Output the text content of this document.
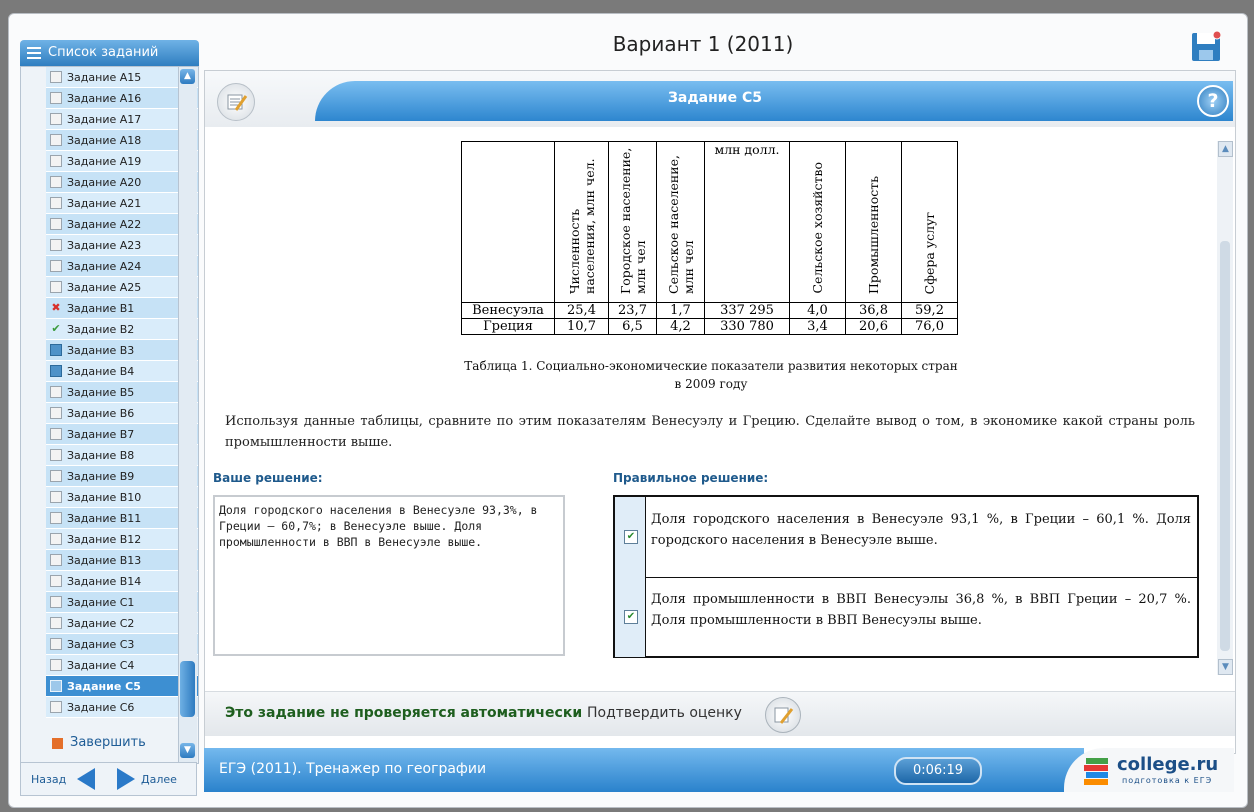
Вариант 1 (2011)
Список заданий
Задание A15
Задание A16
Задание A17
Задание A18
Задание A19
Задание A20
Задание A21
Задание A22
Задание A23
Задание A24
Задание A25
✖ Задание B1
✔ Задание B2
Задание B3
Задание B4
Задание B5
Задание B6
Задание B7
Задание B8
Задание B9
Задание B10
Задание B11
Задание B12
Задание B13
Задание B14
Задание C1
Задание C2
Задание C3
Задание C4
Задание C5
Задание C6
▲
▼
Завершить
Назад	Далее
Задание С5	?
▲
▼
	Численность населения, млн чел.	Городское население, млн чел	Сельское население, млн чел	млн долл.	Сельское хозяйство	Промышленность	Сфера услуг
Венесуэла	25,4	23,7	1,7	337 295	4,0	36,8	59,2
Греция	10,7	6,5	4,2	330 780	3,4	20,6	76,0
Таблица 1. Социально-экономические показатели развития некоторых стран в 2009 году
Используя данные таблицы, сравните по этим показателям Венесуэлу и Грецию. Сделайте вывод о том, в экономике какой страны роль промышленности выше.
Ваше решение:
Доля городского населения в Венесуэле 93,3%, в Греции – 60,7%; в Венесуэле выше. Доля промышленности в ВВП в Венесуэле выше.
Правильное решение:
✔
Доля городского населения в Венесуэле 93,1 %, в Греции – 60,1 %. Доля городского населения в Венесуэле выше.
✔
Доля промышленности в ВВП Венесуэлы 36,8 %, в ВВП Греции – 20,7 %. Доля промышленности в ВВП Венесуэлы выше.
Это задание не проверяется автоматически Подтвердить оценку
ЕГЭ (2011). Тренажер по географии	0:06:19	college.ru
подготовка к ЕГЭ
